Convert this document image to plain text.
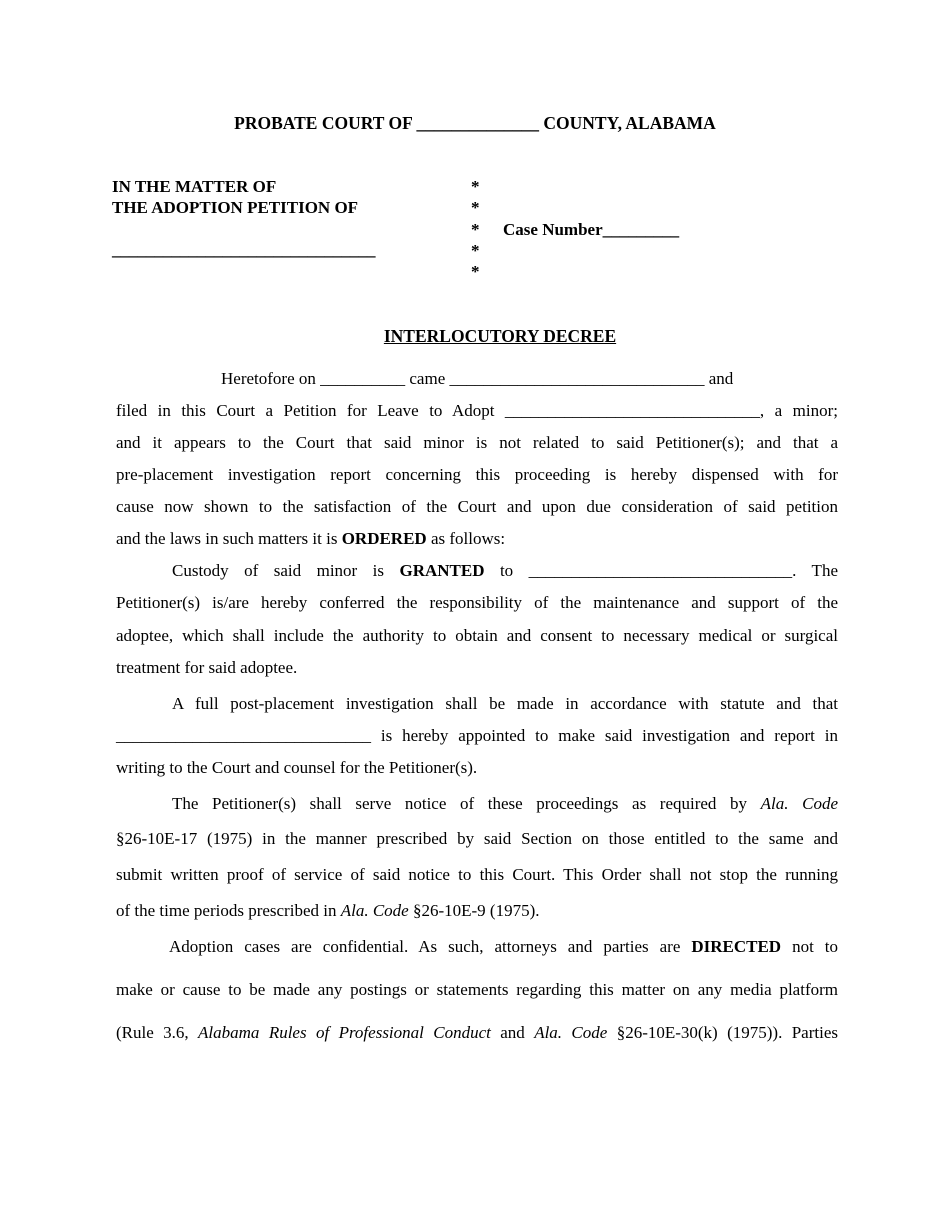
PROBATE COURT OF ______________ COUNTY, ALABAMA
IN THE MATTER OF
THE ADOPTION PETITION OF
_______________________________
*
*
*
*
*
Case Number_________
INTERLOCUTORY DECREE
Heretofore on __________ came ______________________________ and
filed in this Court a Petition for Leave to Adopt ______________________________, a minor;
and it appears to the Court that said minor is not related to said Petitioner(s); and that a
pre-placement investigation report concerning this proceeding is hereby dispensed with for
cause now shown to the satisfaction of the Court and upon due consideration of said petition
and the laws in such matters it is ORDERED as follows:
Custody of said minor is GRANTED to _______________________________. The
Petitioner(s) is/are hereby conferred the responsibility of the maintenance and support of the
adoptee, which shall include the authority to obtain and consent to necessary medical or surgical
treatment for said adoptee.
A full post-placement investigation shall be made in accordance with statute and that
______________________________ is hereby appointed to make said investigation and report in
writing to the Court and counsel for the Petitioner(s).
The Petitioner(s) shall serve notice of these proceedings as required by Ala. Code
§26-10E-17 (1975) in the manner prescribed by said Section on those entitled to the same and
submit written proof of service of said notice to this Court. This Order shall not stop the running
of the time periods prescribed in Ala. Code §26-10E-9 (1975).
Adoption cases are confidential. As such, attorneys and parties are DIRECTED not to
make or cause to be made any postings or statements regarding this matter on any media platform
(Rule 3.6, Alabama Rules of Professional Conduct and Ala. Code §26-10E-30(k) (1975)). Parties
